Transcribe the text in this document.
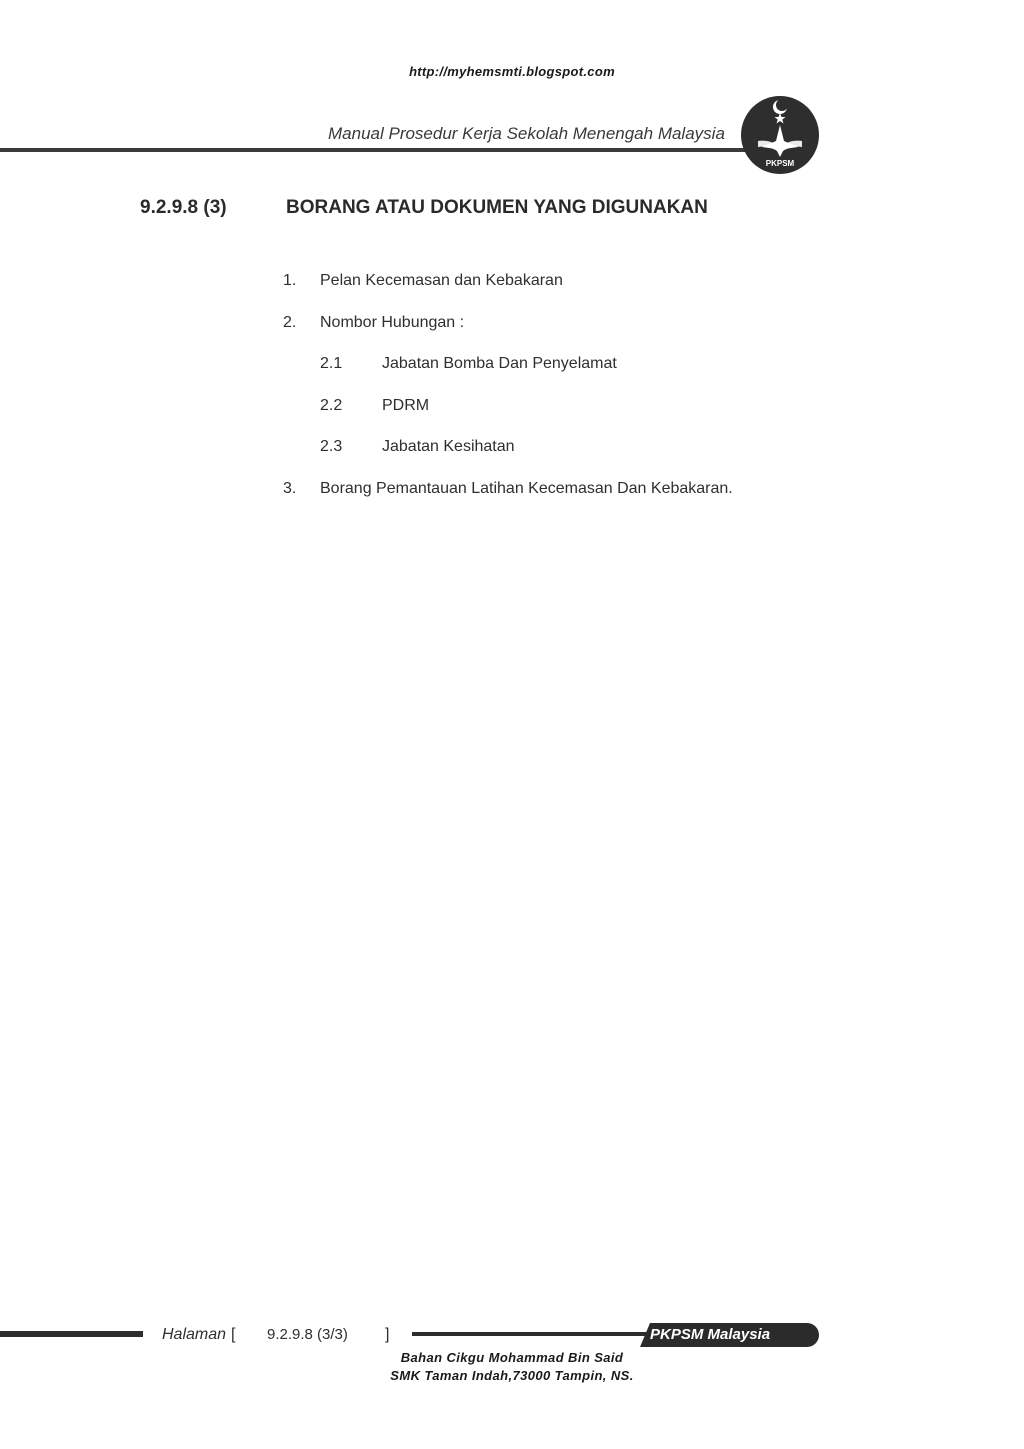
http://myhemsmti.blogspot.com
Manual Prosedur Kerja Sekolah Menengah Malaysia
PKPSM
9.2.9.8 (3)	BORANG ATAU DOKUMEN YANG DIGUNAKAN
1. Pelan Kecemasan dan Kebakaran
2. Nombor Hubungan :
2.1 Jabatan Bomba Dan Penyelamat
2.2 PDRM
2.3 Jabatan Kesihatan
3. Borang Pemantauan Latihan Kecemasan Dan Kebakaran.
Halaman [ 9.2.9.8 (3/3) ]	PKPSM Malaysia
Bahan Cikgu Mohammad Bin Said
SMK Taman Indah,73000 Tampin, NS.
